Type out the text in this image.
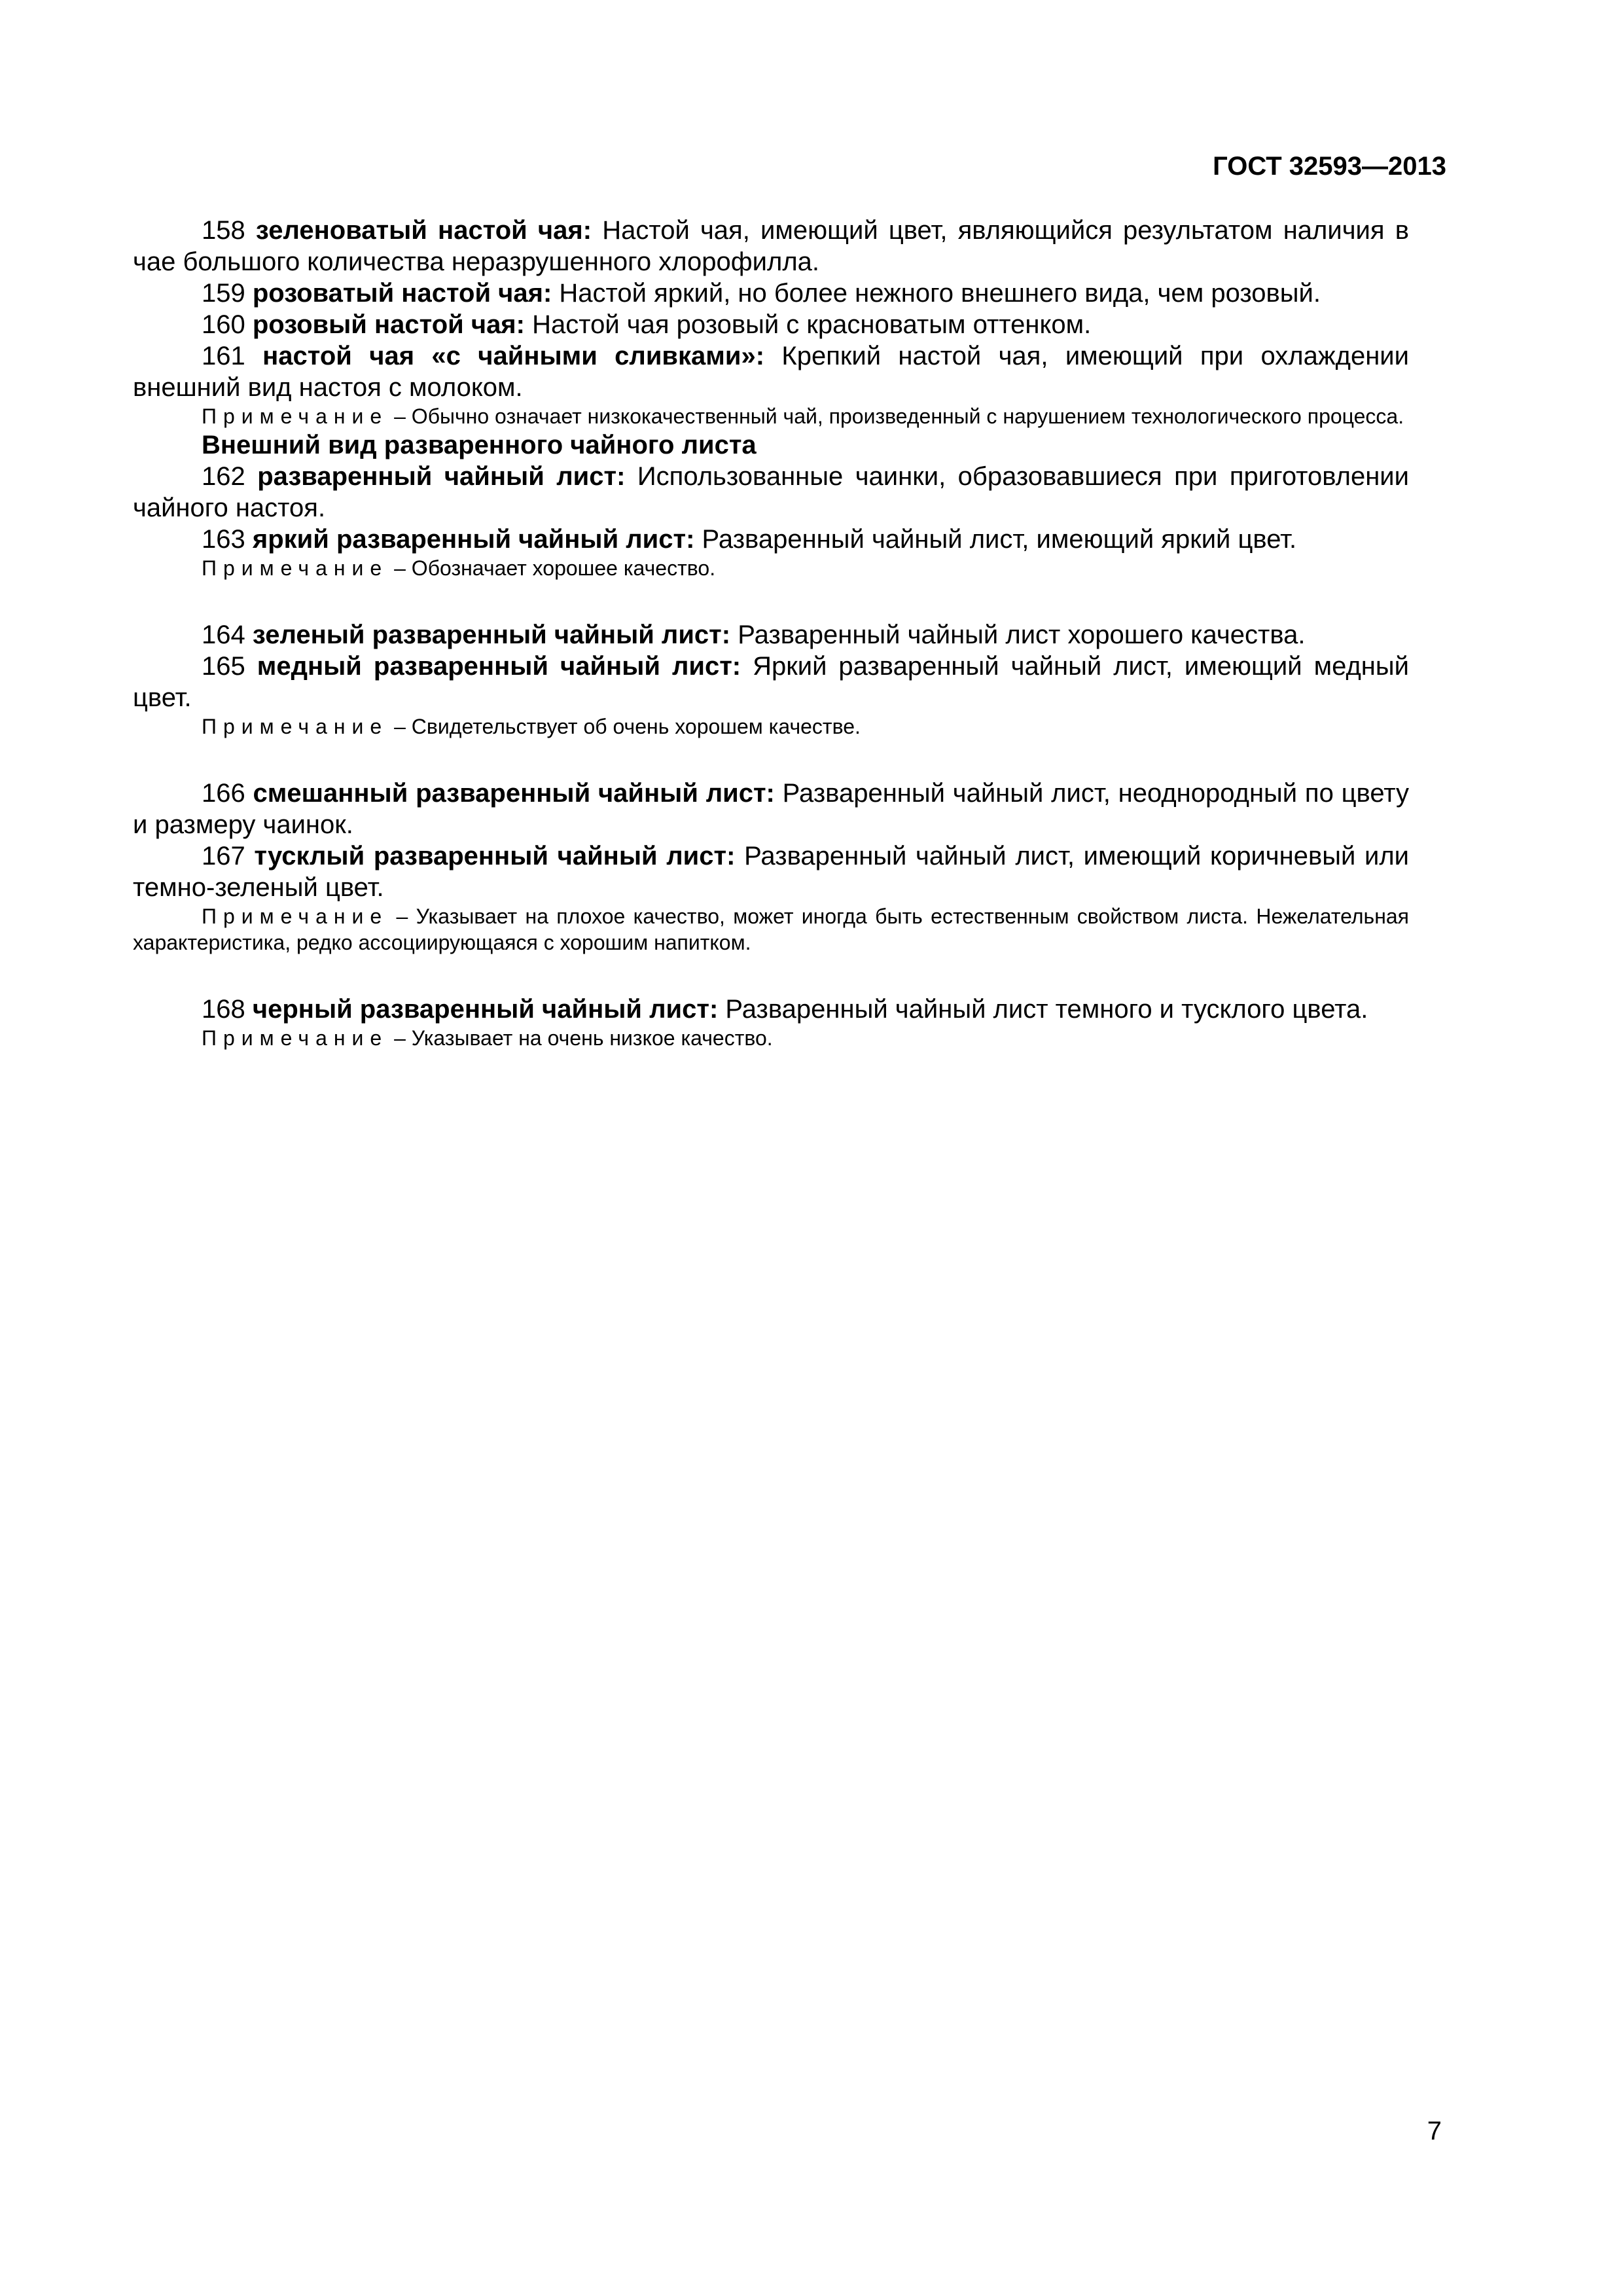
ГОСТ 32593—2013

158 зеленоватый настой чая: Настой чая, имеющий цвет, являющийся результатом наличия в чае большого количества неразрушенного хлорофилла.

159 розоватый настой чая: Настой яркий, но более нежного внешнего вида, чем розовый.

160 розовый настой чая: Настой чая розовый с красноватым оттенком.

161 настой чая «с чайными сливками»: Крепкий настой чая, имеющий при охлаждении внешний вид настоя с молоком.

Примечание – Обычно означает низкокачественный чай, произведенный с нарушением технологического процесса.

Внешний вид разваренного чайного листа

162 разваренный чайный лист: Использованные чаинки, образовавшиеся при приготовлении чайного настоя.

163 яркий разваренный чайный лист: Разваренный чайный лист, имеющий яркий цвет.

Примечание – Обозначает хорошее качество.

164 зеленый разваренный чайный лист: Разваренный чайный лист хорошего качества.

165 медный разваренный чайный лист: Яркий разваренный чайный лист, имеющий медный цвет.

Примечание – Свидетельствует об очень хорошем качестве.

166 смешанный разваренный чайный лист: Разваренный чайный лист, неоднородный по цвету и размеру чаинок.

167 тусклый разваренный чайный лист: Разваренный чайный лист, имеющий коричневый или темно-зеленый цвет.

Примечание – Указывает на плохое качество, может иногда быть естественным свойством листа. Нежелательная характеристика, редко ассоциирующаяся с хорошим напитком.

168 черный разваренный чайный лист: Разваренный чайный лист темного и тусклого цвета.

Примечание – Указывает на очень низкое качество.

7
